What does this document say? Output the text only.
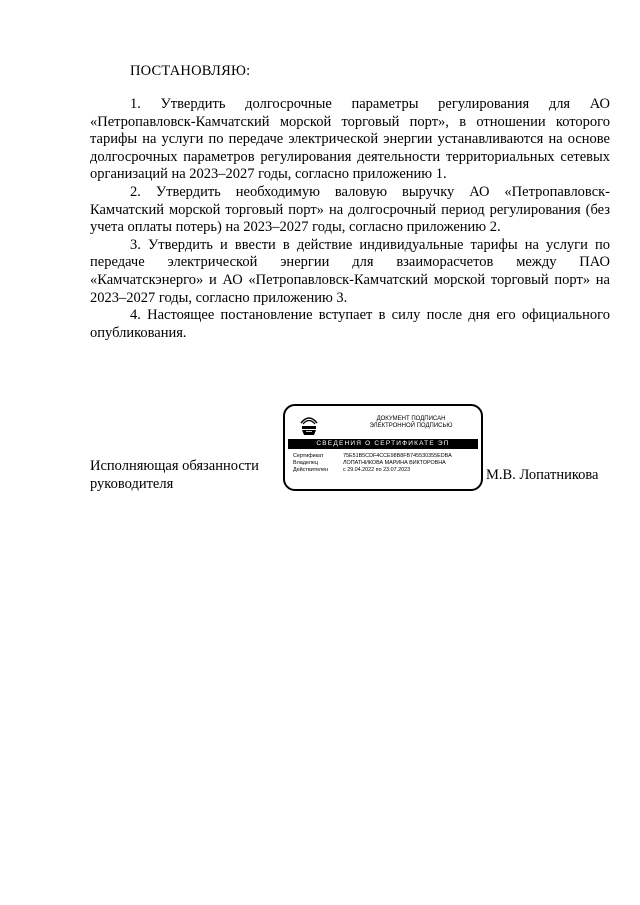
ПОСТАНОВЛЯЮ:

1. Утвердить долгосрочные параметры регулирования для АО «Петропавловск-Камчатский морской торговый порт», в отношении которого тарифы на услуги по передаче электрической энергии устанавливаются на основе долгосрочных параметров регулирования деятельности территориальных сетевых организаций на 2023–2027 годы, согласно приложению 1.

2. Утвердить необходимую валовую выручку АО «Петропавловск-Камчатский морской торговый порт» на долгосрочный период регулирования (без учета оплаты потерь) на 2023–2027 годы, согласно приложению 2.

3. Утвердить и ввести в действие индивидуальные тарифы на услуги по передаче электрической энергии для взаиморасчетов между ПАО «Камчатскэнерго» и АО «Петропавловск-Камчатский морской торговый порт» на 2023–2027 годы, согласно приложению 3.

4. Настоящее постановление вступает в силу после дня его официального опубликования.

Исполняющая обязанности
руководителя
ДОКУМЕНТ ПОДПИСАН
ЭЛЕКТРОННОЙ ПОДПИСЬЮ
СВЕДЕНИЯ О СЕРТИФИКАТЕ ЭП
Сертификат	75E51B5CDF4CCE98B8FB745530355EDBA
Владелец	ЛОПАТНИКОВА МАРИНА ВИКТОРОВНА
Действителен	с 29.04.2022 по 23.07.2023	М.В. Лопатникова
